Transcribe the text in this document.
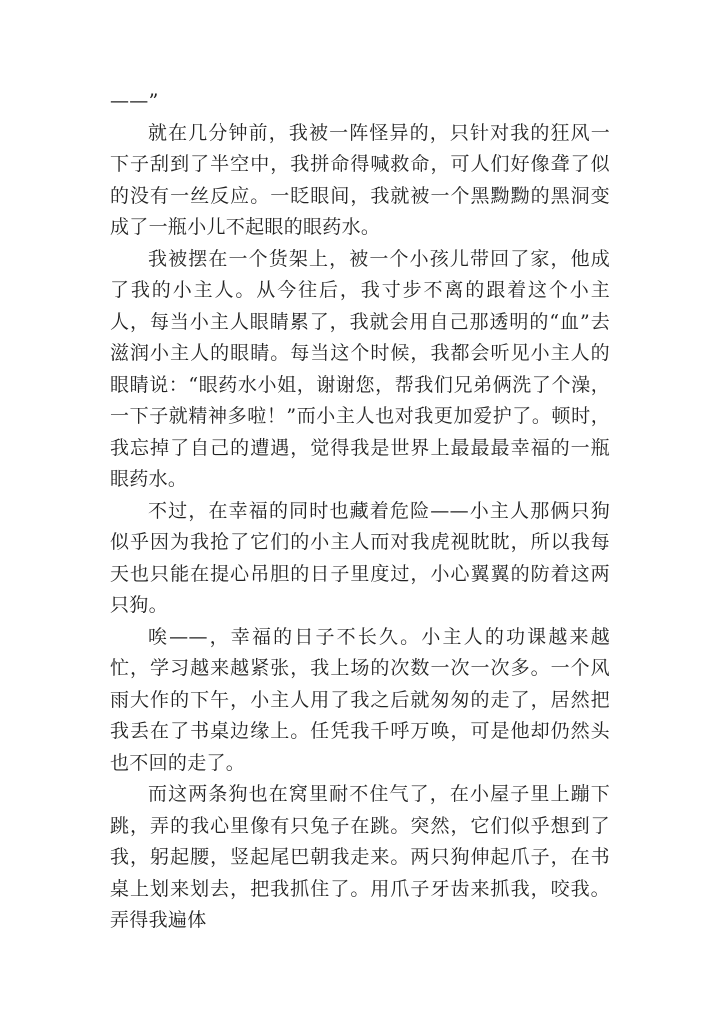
——”

就在几分钟前，我被一阵怪异的，只针对我的狂风一下子刮到了半空中，我拼命得喊救命，可人们好像聋了似的没有一丝反应。一眨眼间，我就被一个黑黝黝的黑洞变成了一瓶小儿不起眼的眼药水。

我被摆在一个货架上，被一个小孩儿带回了家，他成了我的小主人。从今往后，我寸步不离的跟着这个小主人，每当小主人眼睛累了，我就会用自己那透明的“血”去滋润小主人的眼睛。每当这个时候，我都会听见小主人的眼睛说：“眼药水小姐，谢谢您，帮我们兄弟俩洗了个澡，一下子就精神多啦！”而小主人也对我更加爱护了。顿时，我忘掉了自己的遭遇，觉得我是世界上最最最幸福的一瓶眼药水。

不过，在幸福的同时也藏着危险——小主人那俩只狗似乎因为我抢了它们的小主人而对我虎视眈眈，所以我每天也只能在提心吊胆的日子里度过，小心翼翼的防着这两只狗。

唉——，幸福的日子不长久。小主人的功课越来越忙，学习越来越紧张，我上场的次数一次一次多。一个风雨大作的下午，小主人用了我之后就匆匆的走了，居然把我丢在了书桌边缘上。任凭我千呼万唤，可是他却仍然头也不回的走了。

而这两条狗也在窝里耐不住气了，在小屋子里上蹦下跳，弄的我心里像有只兔子在跳。突然，它们似乎想到了我，躬起腰，竖起尾巴朝我走来。两只狗伸起爪子，在书桌上划来划去，把我抓住了。用爪子牙齿来抓我，咬我。弄得我遍体
